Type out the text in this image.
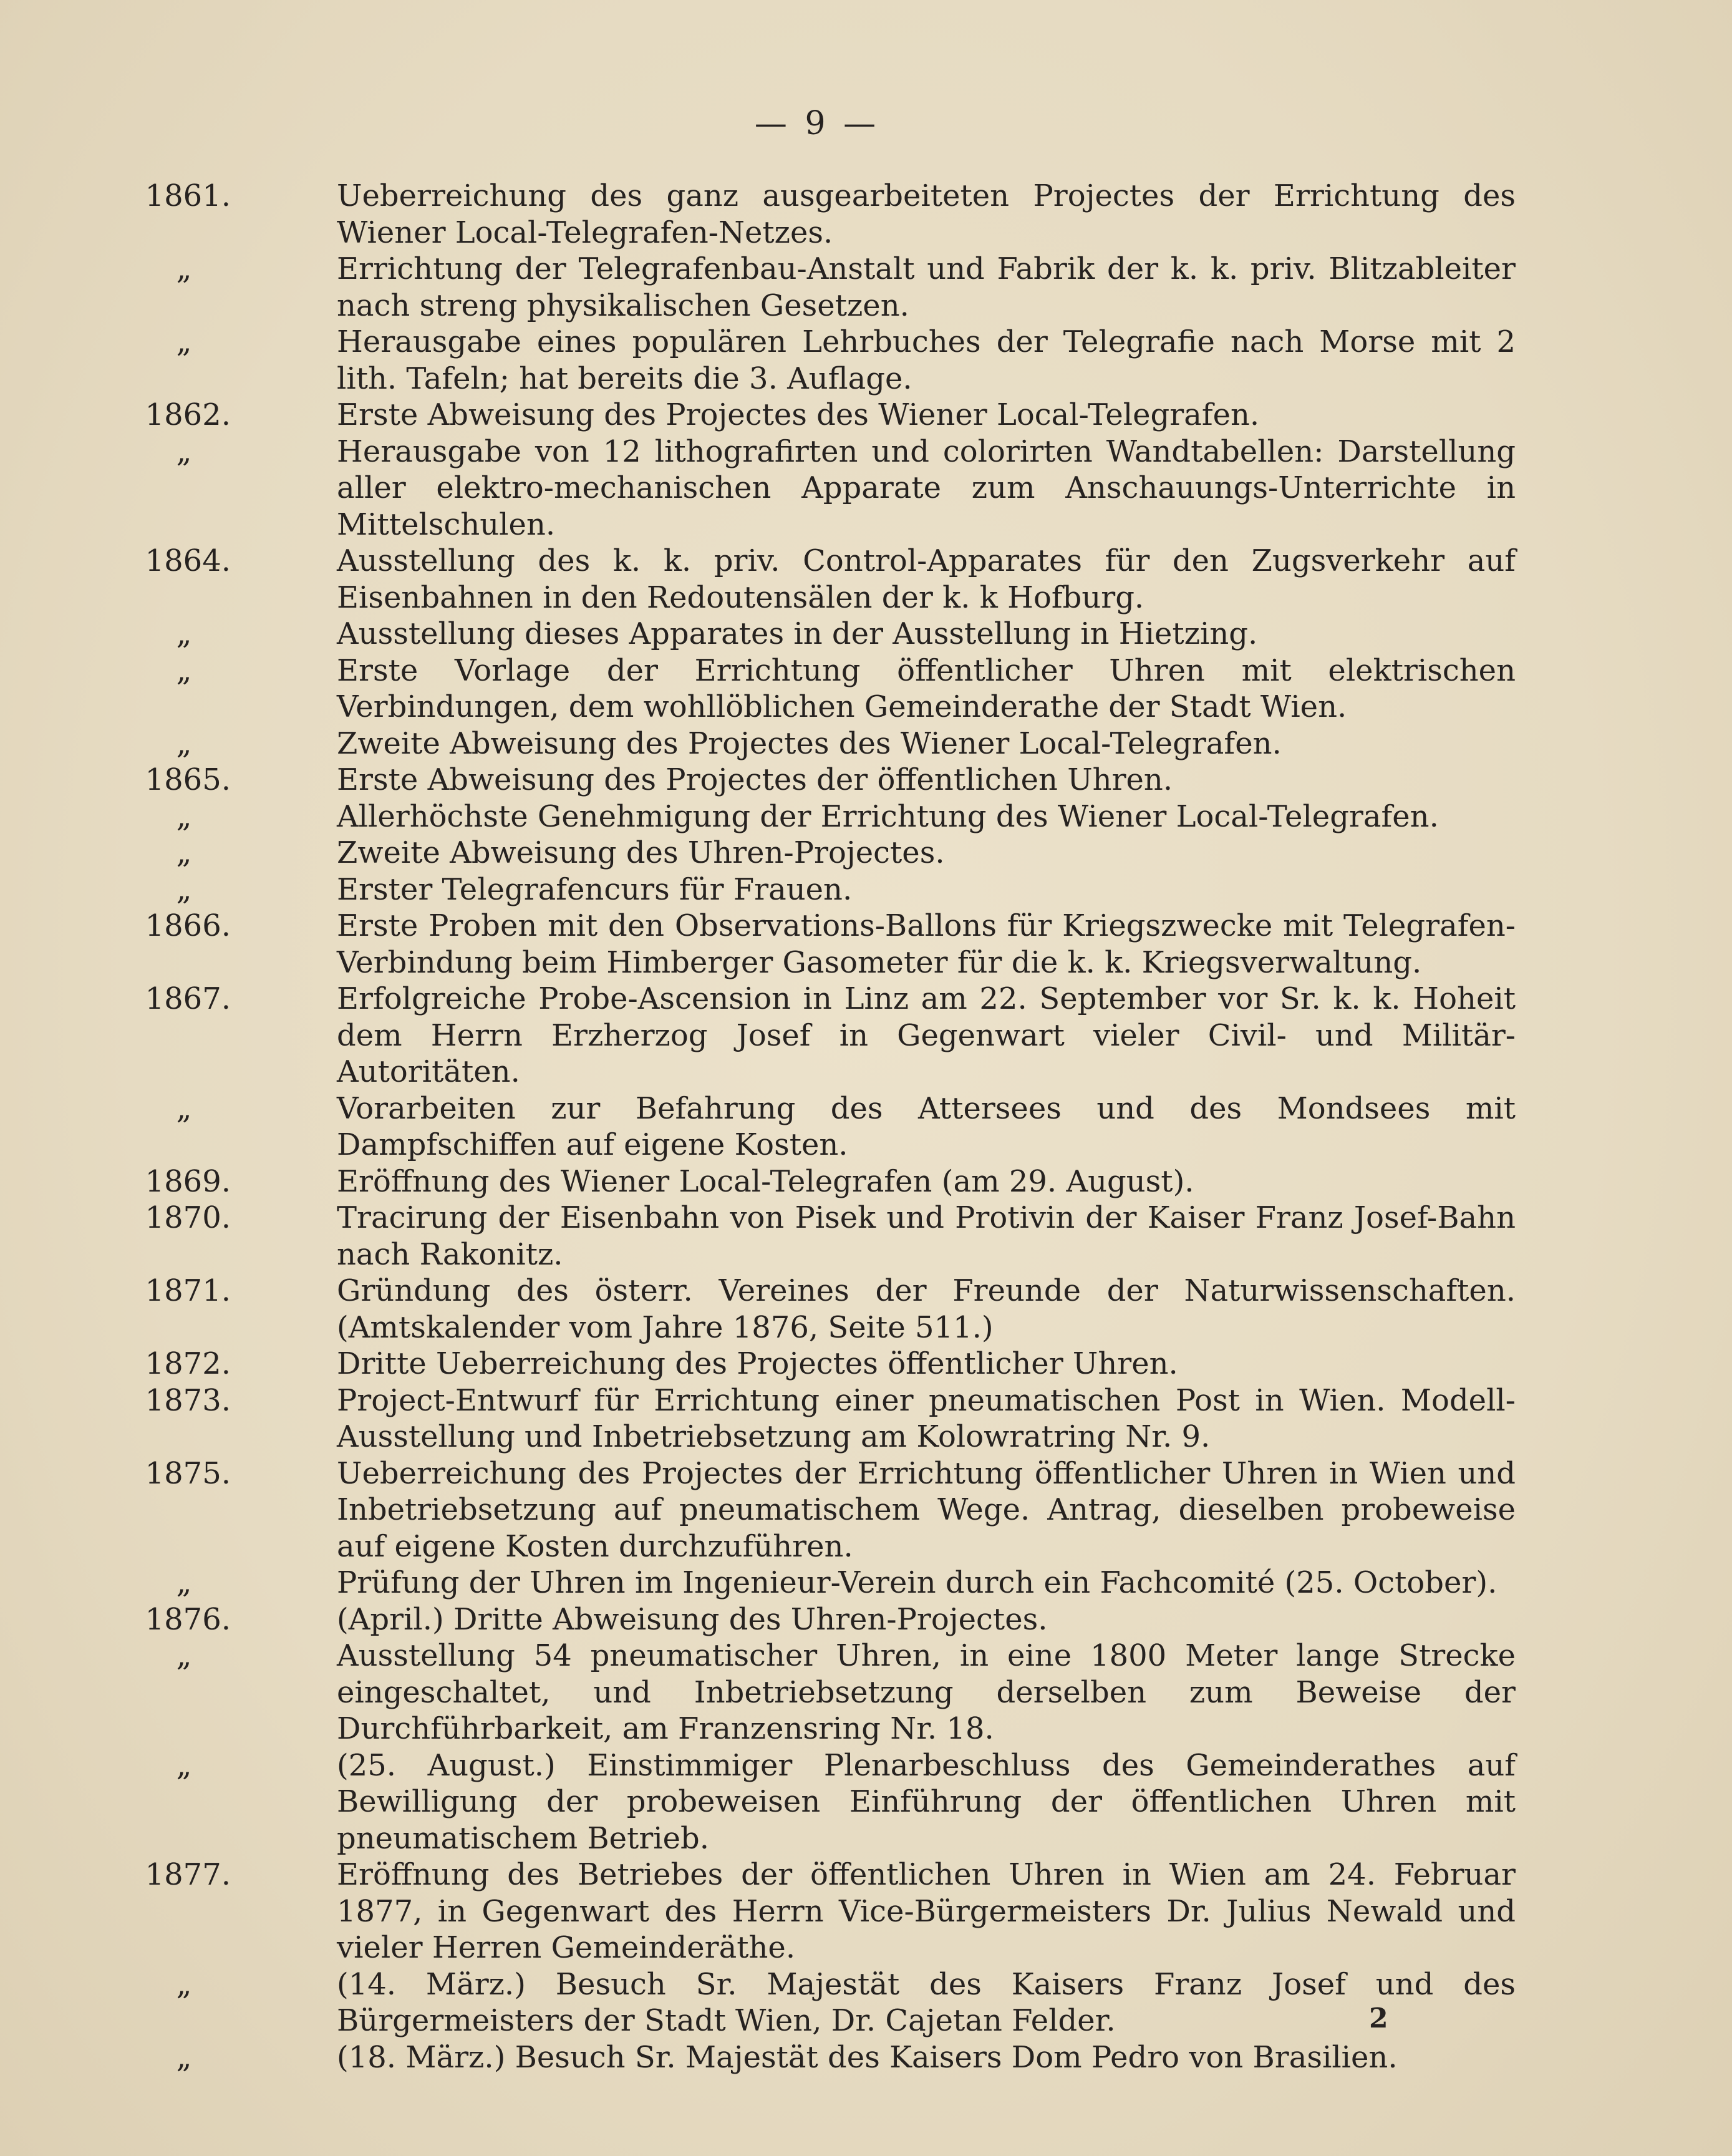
— 9 —
1861.	Ueberreichung des ganz ausgearbeiteten Projectes der Errichtung des Wiener Local-Telegrafen-Netzes.
„	Errichtung der Telegrafenbau-Anstalt und Fabrik der k. k. priv. Blitzableiter nach streng physikalischen Gesetzen.
„	Herausgabe eines populären Lehrbuches der Telegrafie nach Morse mit 2 lith. Tafeln; hat bereits die 3. Auflage.
1862.	Erste Abweisung des Projectes des Wiener Local-Telegrafen.
„	Herausgabe von 12 lithografirten und colorirten Wandtabellen: Darstellung aller elektro-mechanischen Apparate zum Anschauungs-Unterrichte in Mittelschulen.
1864.	Ausstellung des k. k. priv. Control-Apparates für den Zugsverkehr auf Eisenbahnen in den Redoutensälen der k. k Hofburg.
„	Ausstellung dieses Apparates in der Ausstellung in Hietzing.
„	Erste Vorlage der Errichtung öffentlicher Uhren mit elektrischen Verbindungen, dem wohllöblichen Gemeinderathe der Stadt Wien.
„	Zweite Abweisung des Projectes des Wiener Local-Telegrafen.
1865.	Erste Abweisung des Projectes der öffentlichen Uhren.
„	Allerhöchste Genehmigung der Errichtung des Wiener Local-Telegrafen.
„	Zweite Abweisung des Uhren-Projectes.
„	Erster Telegrafencurs für Frauen.
1866.	Erste Proben mit den Observations-Ballons für Kriegszwecke mit Telegrafen-Verbindung beim Himberger Gasometer für die k. k. Kriegsverwaltung.
1867.	Erfolgreiche Probe-Ascension in Linz am 22. September vor Sr. k. k. Hoheit dem Herrn Erzherzog Josef in Gegenwart vieler Civil- und Militär-Autoritäten.
„	Vorarbeiten zur Befahrung des Attersees und des Mondsees mit Dampfschiffen auf eigene Kosten.
1869.	Eröffnung des Wiener Local-Telegrafen (am 29. August).
1870.	Tracirung der Eisenbahn von Pisek und Protivin der Kaiser Franz Josef-Bahn nach Rakonitz.
1871.	Gründung des österr. Vereines der Freunde der Naturwissenschaften. (Amtskalender vom Jahre 1876, Seite 511.)
1872.	Dritte Ueberreichung des Projectes öffentlicher Uhren.
1873.	Project-Entwurf für Errichtung einer pneumatischen Post in Wien. Modell-Ausstellung und Inbetriebsetzung am Kolowratring Nr. 9.
1875.	Ueberreichung des Projectes der Errichtung öffentlicher Uhren in Wien und Inbetriebsetzung auf pneumatischem Wege. Antrag, dieselben probeweise auf eigene Kosten durchzuführen.
„	Prüfung der Uhren im Ingenieur-Verein durch ein Fachcomité (25. October).
1876.	(April.) Dritte Abweisung des Uhren-Projectes.
„	Ausstellung 54 pneumatischer Uhren, in eine 1800 Meter lange Strecke eingeschaltet, und Inbetriebsetzung derselben zum Beweise der Durchführbarkeit, am Franzensring Nr. 18.
„	(25. August.) Einstimmiger Plenarbeschluss des Gemeinderathes auf Bewilligung der probeweisen Einführung der öffentlichen Uhren mit pneumatischem Betrieb.
1877.	Eröffnung des Betriebes der öffentlichen Uhren in Wien am 24. Februar 1877, in Gegenwart des Herrn Vice-Bürgermeisters Dr. Julius Newald und vieler Herren Gemeinderäthe.
„	(14. März.) Besuch Sr. Majestät des Kaisers Franz Josef und des Bürgermeisters der Stadt Wien, Dr. Cajetan Felder.
„	(18. März.) Besuch Sr. Majestät des Kaisers Dom Pedro von Brasilien.
2
